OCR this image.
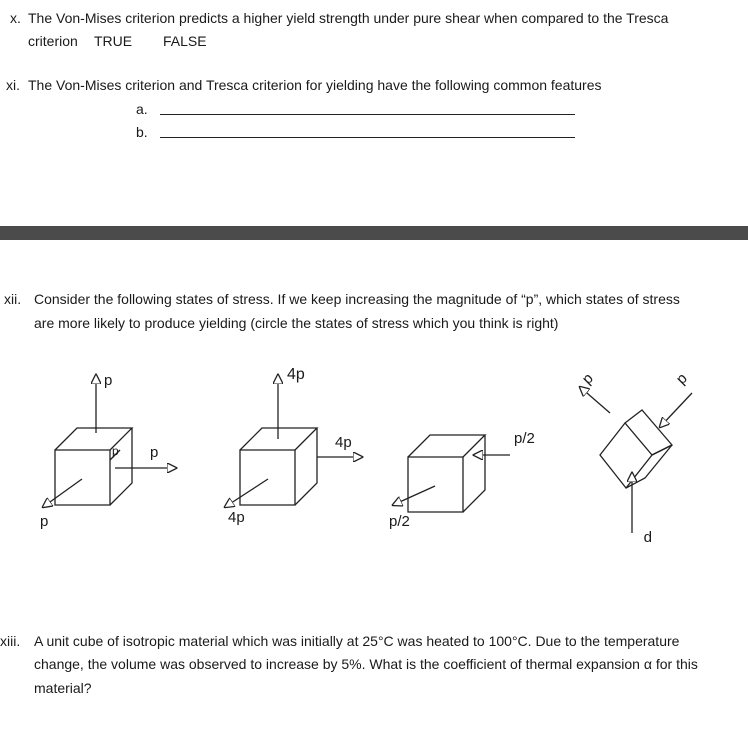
x. The Von-Mises criterion predicts a higher yield strength under pure shear when compared to the Tresca
criterion TRUE FALSE
xi. The Von-Mises criterion and Tresca criterion for yielding have the following common features
a.
b.
xii. Consider the following states of stress. If we keep increasing the magnitude of “p”, which states of stress
are more likely to produce yielding (circle the states of stress which you think is right)
p
p
p
p
4p
4p
4p
p/2
p/2
p	p
p
xiii. A unit cube of isotropic material which was initially at 25°C was heated to 100°C. Due to the temperature
change, the volume was observed to increase by 5%. What is the coefficient of thermal expansion α for this
material?
